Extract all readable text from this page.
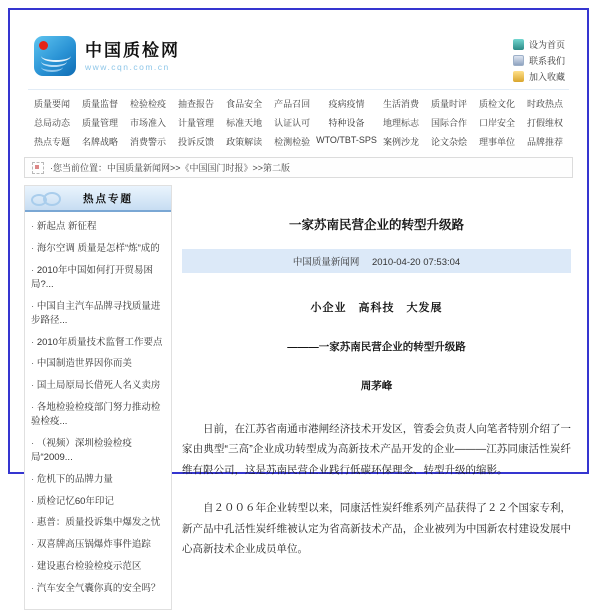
中国质检网
www.cqn.com.cn
设为首页
联系我们
加入收藏
质量要闻	质量监督	检验检疫	抽查报告	食品安全	产品召回	疫病疫情	生活消费	质量时评	质检文化	时政热点
总局动态	质量管理	市场准入	计量管理	标准天地	认证认可	特种设备	地理标志	国际合作	口岸安全	打假维权
热点专题	名牌战略	消费警示	投诉反馈	政策解读	检测检验 WTO/TBT-SPS 案例沙龙	论文杂烩	理事单位	品牌推荐
·您当前位置：中国质量新闻网>>《中国国门时报》>>第二版
热点专题
· 新起点 新征程
· 海尔空调 质量是怎样“炼”成的
· 2010年中国如何打开贸易困局?...
· 中国自主汽车品牌寻找质量进步路径...
· 2010年质量技术监督工作要点
· 中国制造世界因你而美
· 国土局原局长借死人名义卖房
· 各地检验检疫部门努力推动检验检疫...
· （视频）深圳检验检疫局“2009...
· 危机下的品牌力量
· 质检记忆60年印记
· 惠普：质量投诉集中爆发之忧
· 双喜牌高压锅爆炸事件追踪
· 建设惠台检验检疫示范区
· 汽车安全气囊你真的安全吗？
一家苏南民营企业的转型升级路
中国质量新闻网 2010-04-20 07:53:04
小企业　高科技　大发展
———一家苏南民营企业的转型升级路
周茅峰

日前，在江苏省南通市港闸经济技术开发区，管委会负责人向笔者特别介绍了一家由典型“三高”企业成功转型成为高新技术产品开发的企业———江苏同康活性炭纤维有限公司，这是苏南民营企业践行低碳环保理念、转型升级的缩影。

自２００６年企业转型以来，同康活性炭纤维系列产品获得了２２个国家专利，新产品中孔活性炭纤维被认定为省高新技术产品，企业被列为中国新农村建设发展中心高新技术企业成员单位。
